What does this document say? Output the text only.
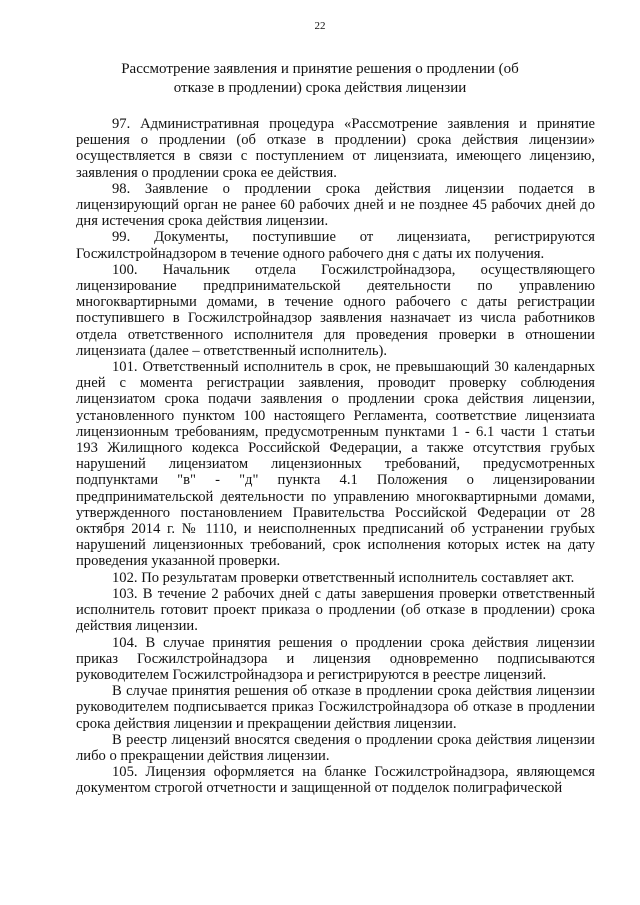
22
Рассмотрение заявления и принятие решения о продлении (об отказе в продлении) срока действия лицензии

97. Административная процедура «Рассмотрение заявления и принятие решения о продлении (об отказе в продлении) срока действия лицензии» осуществляется в связи с поступлением от лицензиата, имеющего лицензию, заявления о продлении срока ее действия.

98. Заявление о продлении срока действия лицензии подается в лицензирующий орган не ранее 60 рабочих дней и не позднее 45 рабочих дней до дня истечения срока действия лицензии.

99. Документы, поступившие от лицензиата, регистрируются Госжилстройнадзором в течение одного рабочего дня с даты их получения.

100. Начальник отдела Госжилстройнадзора, осуществляющего лицензирование предпринимательской деятельности по управлению многоквартирными домами, в течение одного рабочего с даты регистрации поступившего в Госжилстройнадзор заявления назначает из числа работников отдела ответственного исполнителя для проведения проверки в отношении лицензиата (далее – ответственный исполнитель).

101. Ответственный исполнитель в срок, не превышающий 30 календарных дней с момента регистрации заявления, проводит проверку соблюдения лицензиатом срока подачи заявления о продлении срока действия лицензии, установленного пунктом 100 настоящего Регламента, соответствие лицензиата лицензионным требованиям, предусмотренным пунктами 1 - 6.1 части 1 статьи 193 Жилищного кодекса Российской Федерации, а также отсутствия грубых нарушений лицензиатом лицензионных требований, предусмотренных подпунктами "в" - "д" пункта 4.1 Положения о лицензировании предпринимательской деятельности по управлению многоквартирными домами, утвержденного постановлением Правительства Российской Федерации от 28 октября 2014 г. № 1110, и неисполненных предписаний об устранении грубых нарушений лицензионных требований, срок исполнения которых истек на дату проведения указанной проверки.

102. По результатам проверки ответственный исполнитель составляет акт.

103. В течение 2 рабочих дней с даты завершения проверки ответственный исполнитель готовит проект приказа о продлении (об отказе в продлении) срока действия лицензии.

104. В случае принятия решения о продлении срока действия лицензии приказ Госжилстройнадзора и лицензия одновременно подписываются руководителем Госжилстройнадзора и регистрируются в реестре лицензий.

В случае принятия решения об отказе в продлении срока действия лицензии руководителем подписывается приказ Госжилстройнадзора об отказе в продлении срока действия лицензии и прекращении действия лицензии.

В реестр лицензий вносятся сведения о продлении срока действия лицензии либо о прекращении действия лицензии.

105. Лицензия оформляется на бланке Госжилстройнадзора, являющемся документом строгой отчетности и защищенной от подделок полиграфической
